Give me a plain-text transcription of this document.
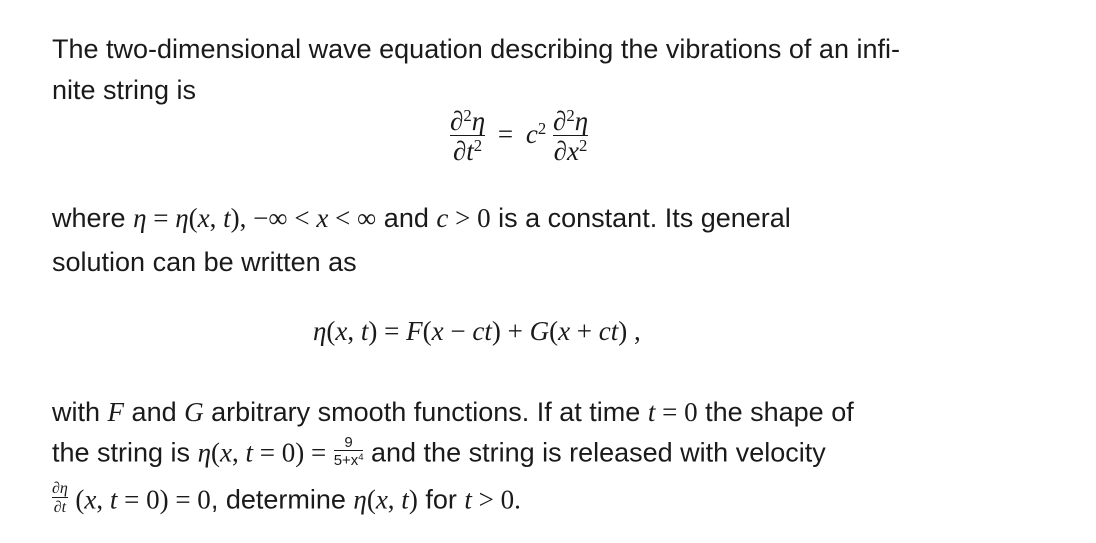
The two-dimensional wave equation describing the vibrations of an infi-
nite string is
$\frac{\partial^2\eta}{\partial t^2} = c^2 \frac{\partial^2\eta}{\partial x^2}$
where η = η(x, t), −∞ < x < ∞ and c > 0 is a constant. Its general
solution can be written as
η(x, t) = F(x − ct) + G(x + ct) ,
with F and G arbitrary smooth functions. If at time t = 0 the shape of
the string is η(x, $t = 0) = \frac{9}{5+x^4}$ and the string is released with velocity
$\frac{\partial\eta}{\partial t} (x$, t = 0) = 0, determine η(x, t) for t > 0.
